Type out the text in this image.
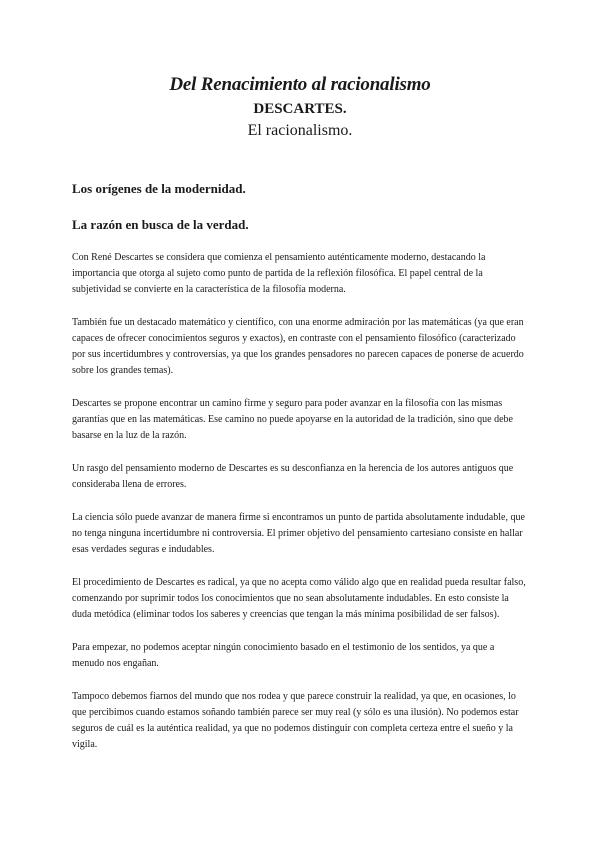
Del Renacimiento al racionalismo

DESCARTES.

El racionalismo.

Los orígenes de la modernidad.

La razón en busca de la verdad.

Con René Descartes se considera que comienza el pensamiento auténticamente moderno, destacando la importancia que otorga al sujeto como punto de partida de la reflexión filosófica. El papel central de la subjetividad se convierte en la característica de la filosofía moderna.

También fue un destacado matemático y científico, con una enorme admiración por las matemáticas (ya que eran capaces de ofrecer conocimientos seguros y exactos), en contraste con el pensamiento filosófico (caracterizado por sus incertidumbres y controversias, ya que los grandes pensadores no parecen capaces de ponerse de acuerdo sobre los grandes temas).

Descartes se propone encontrar un camino firme y seguro para poder avanzar en la filosofía con las mismas garantías que en las matemáticas. Ese camino no puede apoyarse en la autoridad de la tradición, sino que debe basarse en la luz de la razón.

Un rasgo del pensamiento moderno de Descartes es su desconfianza en la herencia de los autores antiguos que consideraba llena de errores.

La ciencia sólo puede avanzar de manera firme si encontramos un punto de partida absolutamente indudable, que no tenga ninguna incertidumbre ni controversia. El primer objetivo del pensamiento cartesiano consiste en hallar esas verdades seguras e indudables.

El procedimiento de Descartes es radical, ya que no acepta como válido algo que en realidad pueda resultar falso, comenzando por suprimir todos los conocimientos que no sean absolutamente indudables. En esto consiste la duda metódica (eliminar todos los saberes y creencias que tengan la más mínima posibilidad de ser falsos).

Para empezar, no podemos aceptar ningún conocimiento basado en el testimonio de los sentidos, ya que a menudo nos engañan.

Tampoco debemos fiarnos del mundo que nos rodea y que parece construir la realidad, ya que, en ocasiones, lo que percibimos cuando estamos soñando también parece ser muy real (y sólo es una ilusión). No podemos estar seguros de cuál es la auténtica realidad, ya que no podemos distinguir con completa certeza entre el sueño y la vigila.
